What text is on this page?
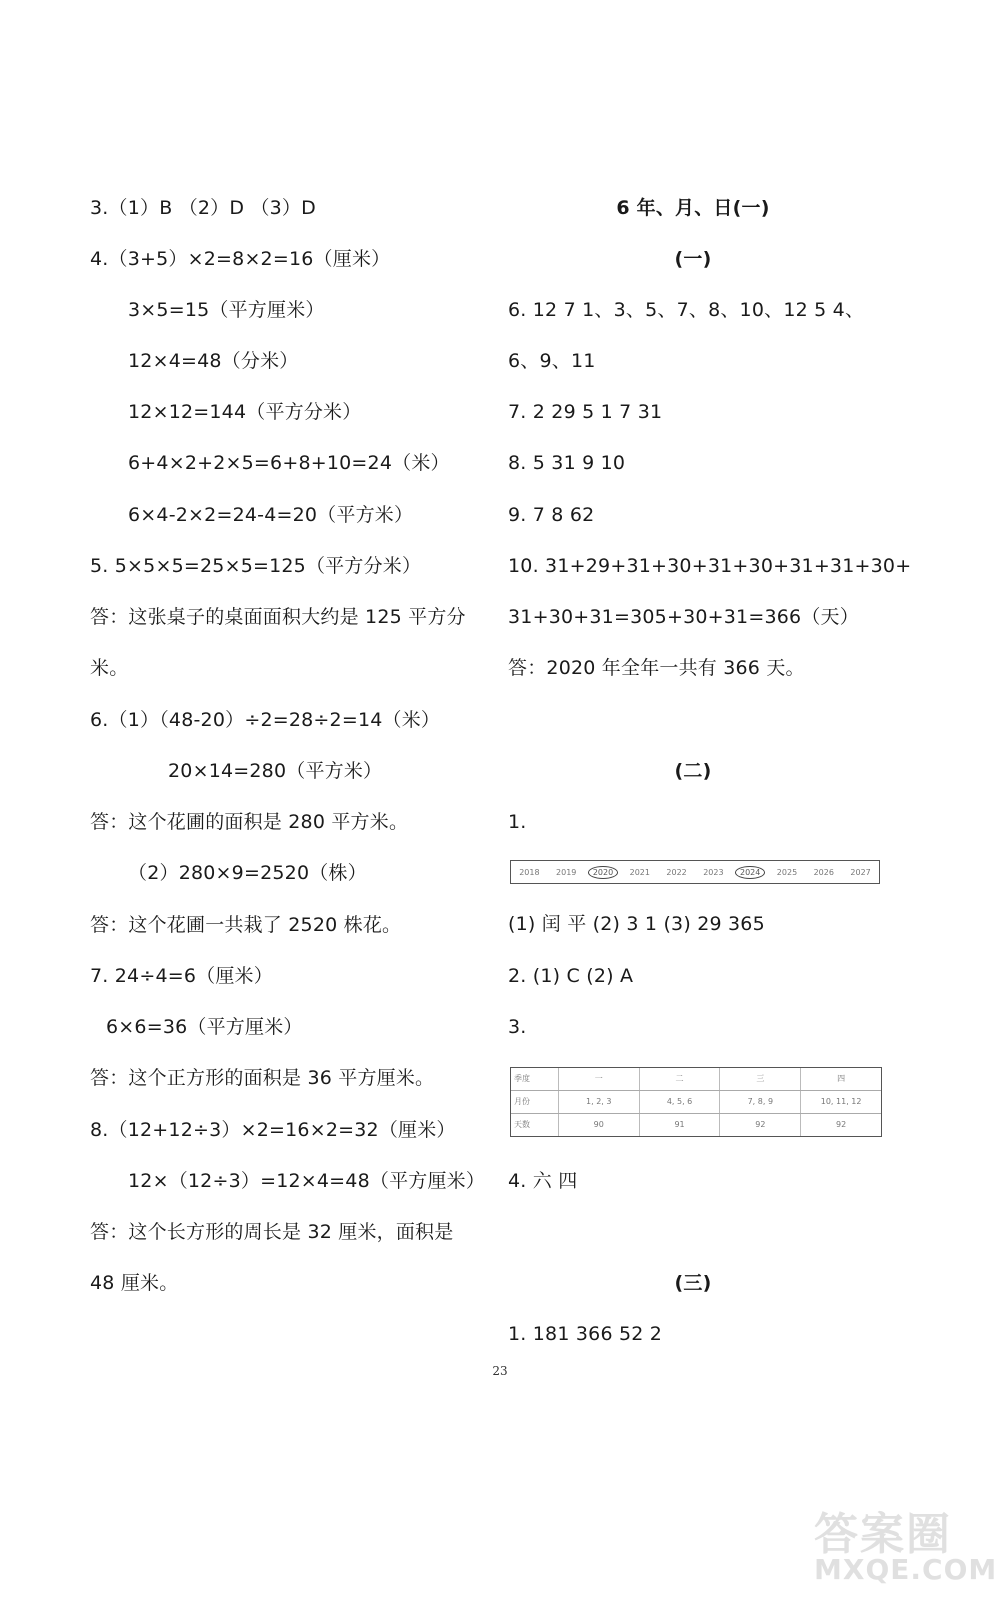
3.（1）B （2）D （3）D
4.（3+5）×2=8×2=16（厘米）
3×5=15（平方厘米）
12×4=48（分米）
12×12=144（平方分米）
6+4×2+2×5=6+8+10=24（米）
6×4-2×2=24-4=20（平方米）
5. 5×5×5=25×5=125（平方分米）
答：这张桌子的桌面面积大约是 125 平方分
米。
6.（1）（48-20）÷2=28÷2=14（米）
20×14=280（平方米）
答：这个花圃的面积是 280 平方米。
（2）280×9=2520（株）
答：这个花圃一共栽了 2520 株花。
7. 24÷4=6（厘米）
6×6=36（平方厘米）
答：这个正方形的面积是 36 平方厘米。
8.（12+12÷3）×2=16×2=32（厘米）
12×（12÷3）=12×4=48（平方厘米）
答：这个长方形的周长是 32 厘米，面积是
48 厘米。
6 年、月、日(一)
(一)
6. 12 7 1、3、5、7、8、10、12 5 4、
6、9、11
7. 2 29 5 1 7 31
8. 5 31 9 10
9. 7 8 62
10. 31+29+31+30+31+30+31+31+30+
31+30+31=305+30+31=366（天）
答：2020 年全年一共有 366 天。
(二)
1.
2018	2019	2020	2021	2022	2023	2024	2025	2026	2027
(1) 闰 平 (2) 3 1 (3) 29 365
2. (1) C (2) A
3.
季度	一	二	三	四
月份	1, 2, 3	4, 5, 6	7, 8, 9	10, 11, 12
天数	90	91	92	92
4. 六 四
(三)
1. 181 366 52 2
23
答案圈
MXQE.COM
